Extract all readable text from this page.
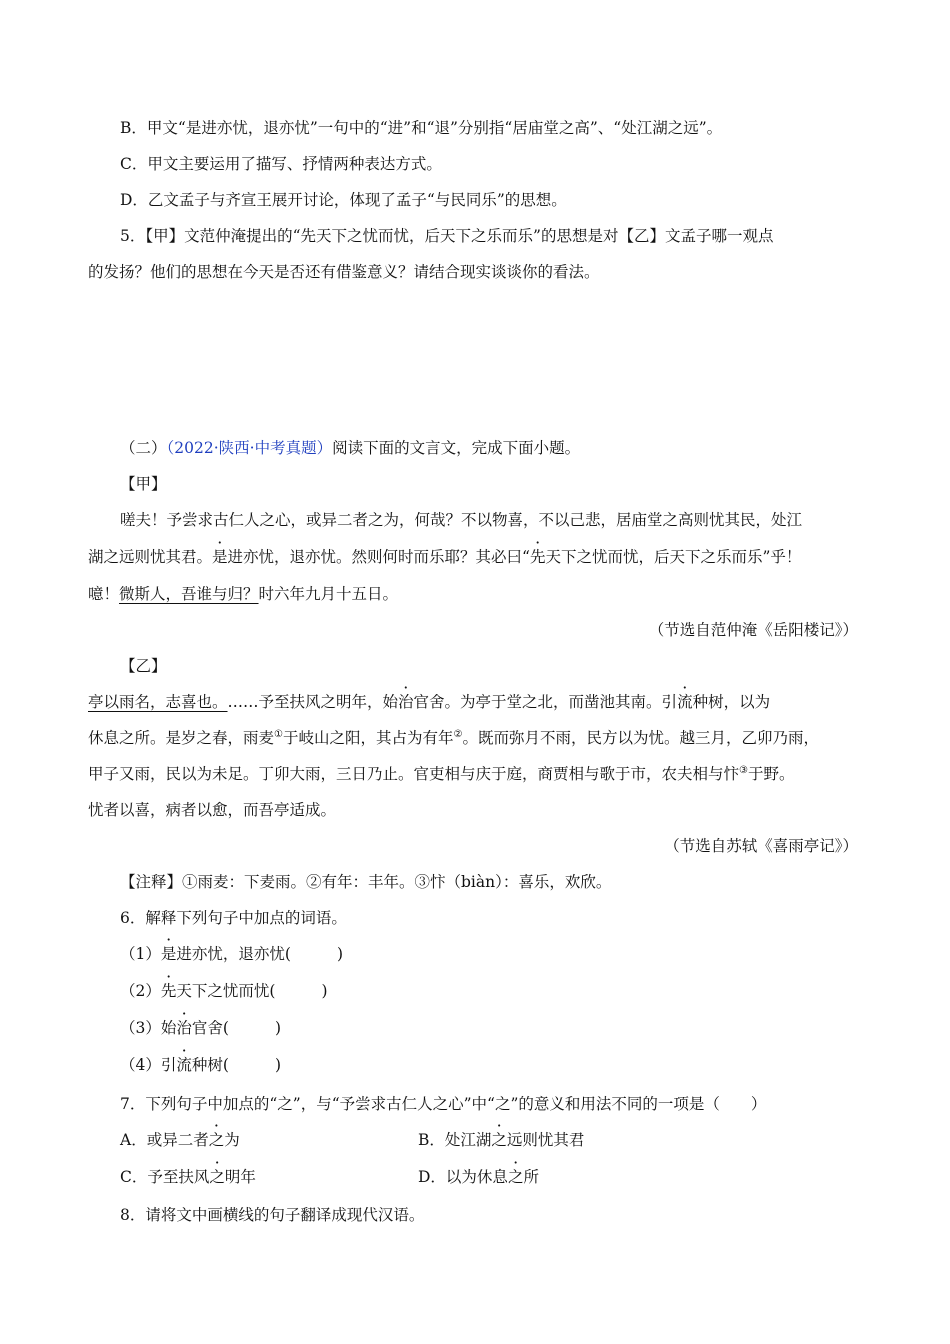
B．甲文“是进亦忧，退亦忧”一句中的“进”和“退”分别指“居庙堂之高”、“处江湖之远”。
C．甲文主要运用了描写、抒情两种表达方式。
D．乙文孟子与齐宣王展开讨论，体现了孟子“与民同乐”的思想。
5．【甲】文范仲淹提出的“先天下之忧而忧，后天下之乐而乐”的思想是对【乙】文孟子哪一观点
的发扬？他们的思想在今天是否还有借鉴意义？请结合现实谈谈你的看法。
（二）（2022·陕西·中考真题）阅读下面的文言文，完成下面小题。
【甲】
嗟夫！予尝求古仁人之心，或异二者之为，何哉？不以物喜，不以己悲，居庙堂之高则忧其民，处江
湖之远则忧其君。是进亦忧，退亦忧。然则何时而乐耶？其必曰“先天下之忧而忧，后天下之乐而乐”乎！
噫！微斯人，吾谁与归？时六年九月十五日。
（节选自范仲淹《岳阳楼记》）
【乙】
亭以雨名，志喜也。……予至扶风之明年，始治官舍。为亭于堂之北，而凿池其南。引流种树，以为
休息之所。是岁之春，雨麦①于岐山之阳，其占为有年②。既而弥月不雨，民方以为忧。越三月，乙卯乃雨，
甲子又雨，民以为未足。丁卯大雨，三日乃止。官吏相与庆于庭，商贾相与歌于市，农夫相与忭③于野。
忧者以喜，病者以愈，而吾亭适成。
（节选自苏轼《喜雨亭记》）
【注释】①雨麦：下麦雨。②有年：丰年。③忭（biàn）：喜乐，欢欣。
6．解释下列句子中加点的词语。
（1）是进亦忧，退亦忧(	)
（2）先天下之忧而忧(	)
（3）始治官舍(	)
（4）引流种树(	)
7．下列句子中加点的“之”，与“予尝求古仁人之心”中“之”的意义和用法不同的一项是（　　）
A．或异二者之为	B．处江湖之远则忧其君
C．予至扶风之明年	D．以为休息之所
8．请将文中画横线的句子翻译成现代汉语。
